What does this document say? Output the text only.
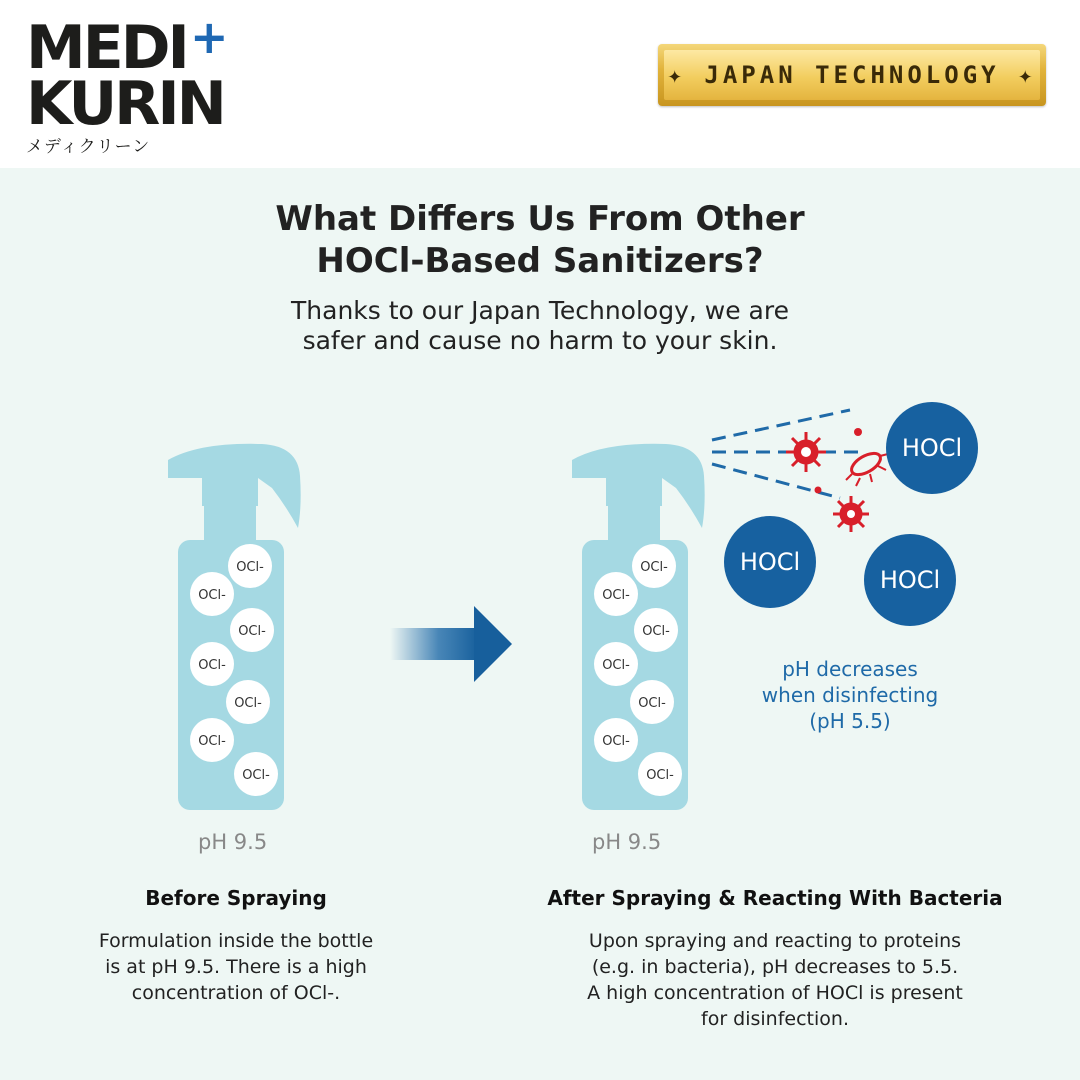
MEDI +
KURIN
メディクリーン
✦ JAPAN TECHNOLOGY ✦
What Differs Us From Other
HOCl-Based Sanitizers?
Thanks to our Japan Technology, we are
safer and cause no harm to your skin.
OCl-
OCl-
OCl-
OCl-
OCl-
OCl-
OCl-
OCl-
OCl-
OCl-
OCl-
OCl-
OCl-
OCl-
HOCl
HOCl
HOCl
pH decreases
when disinfecting
(pH 5.5)
pH 9.5	pH 9.5
Before Spraying
Formulation inside the bottle
is at pH 9.5. There is a high
concentration of OCl-.
After Spraying & Reacting With Bacteria
Upon spraying and reacting to proteins
(e.g. in bacteria), pH decreases to 5.5.
A high concentration of HOCl is present
for disinfection.
